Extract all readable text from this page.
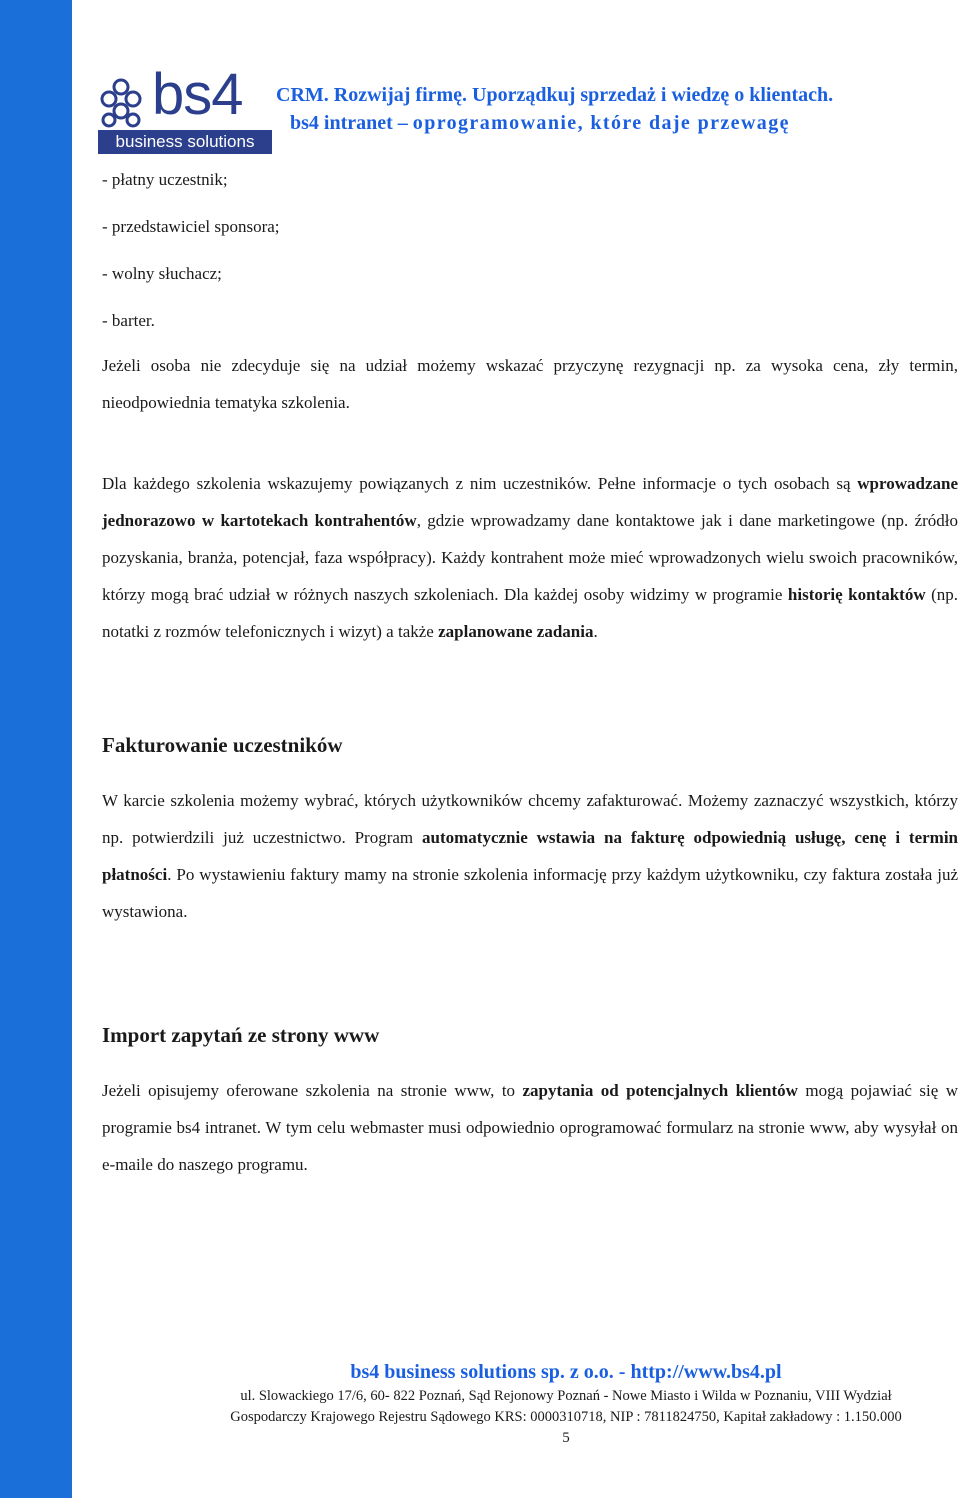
bs4
business solutions
CRM. Rozwijaj firmę. Uporządkuj sprzedaż i wiedzę o klientach.
bs4 intranet – oprogramowanie, które daje przewagę
- płatny uczestnik;
- przedstawiciel sponsora;
- wolny słuchacz;
- barter.

Jeżeli osoba nie zdecyduje się na udział możemy wskazać przyczynę rezygnacji np. za wysoka cena, zły termin, nieodpowiednia tematyka szkolenia.

Dla każdego szkolenia wskazujemy powiązanych z nim uczestników. Pełne informacje o tych osobach są wprowadzane jednorazowo w kartotekach kontrahentów, gdzie wprowadzamy dane kontaktowe jak i dane marketingowe (np. źródło pozyskania, branża, potencjał, faza współpracy). Każdy kontrahent może mieć wprowadzonych wielu swoich pracowników, którzy mogą brać udział w różnych naszych szkoleniach. Dla każdej osoby widzimy w programie historię kontaktów (np. notatki z rozmów telefonicznych i wizyt) a także zaplanowane zadania.

Fakturowanie uczestników

W karcie szkolenia możemy wybrać, których użytkowników chcemy zafakturować. Możemy zaznaczyć wszystkich, którzy np. potwierdzili już uczestnictwo. Program automatycznie wstawia na fakturę odpowiednią usługę, cenę i termin płatności. Po wystawieniu faktury mamy na stronie szkolenia informację przy każdym użytkowniku, czy faktura została już wystawiona.

Import zapytań ze strony www

Jeżeli opisujemy oferowane szkolenia na stronie www, to zapytania od potencjalnych klientów mogą pojawiać się w programie bs4 intranet. W tym celu webmaster musi odpowiednio oprogramować formularz na stronie www, aby wysyłał on e-maile do naszego programu.

bs4 business solutions sp. z o.o. - http://www.bs4.pl
ul. Slowackiego 17/6, 60- 822 Poznań, Sąd Rejonowy Poznań - Nowe Miasto i Wilda w Poznaniu, VIII Wydział
Gospodarczy Krajowego Rejestru Sądowego KRS: 0000310718, NIP : 7811824750, Kapitał zakładowy : 1.150.000
5
